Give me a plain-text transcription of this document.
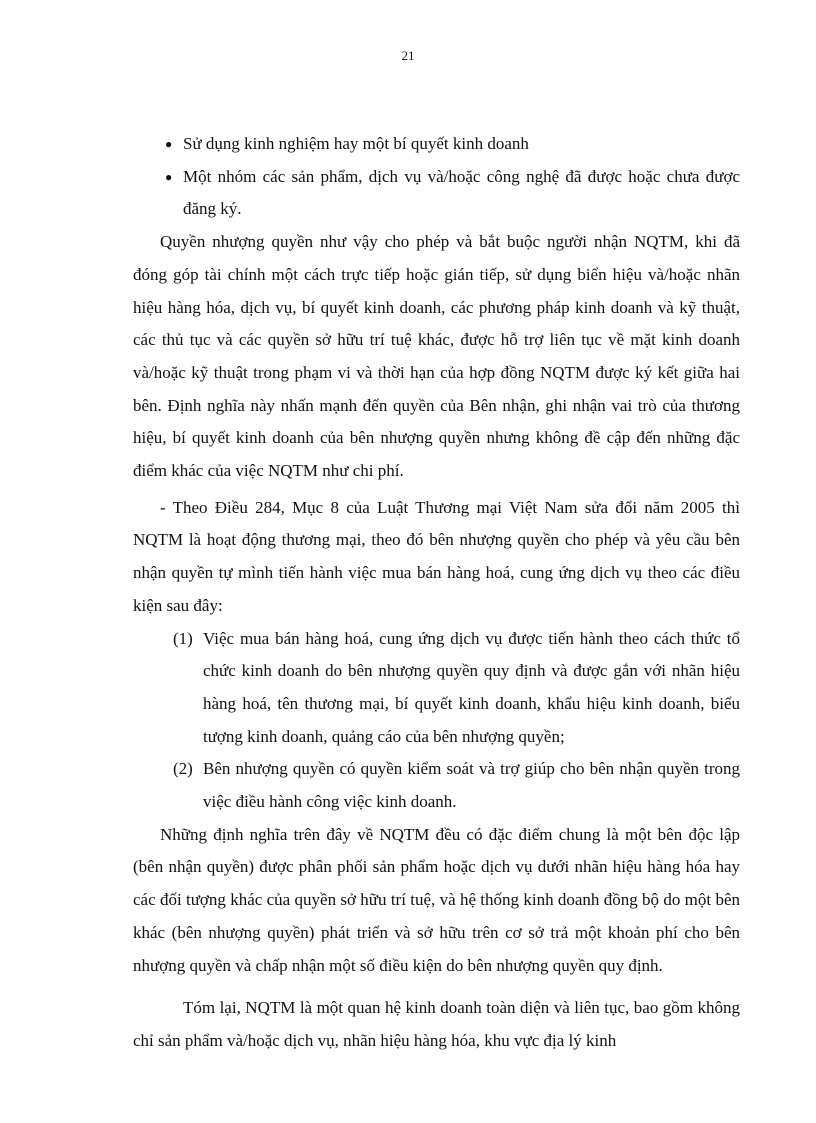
21
● Sử dụng kinh nghiệm hay một bí quyết kinh doanh
● Một nhóm các sản phẩm, dịch vụ và/hoặc công nghệ đã được hoặc chưa được đăng ký.

Quyền nhượng quyền như vậy cho phép và bắt buộc người nhận NQTM, khi đã đóng góp tài chính một cách trực tiếp hoặc gián tiếp, sử dụng biển hiệu và/hoặc nhãn hiệu hàng hóa, dịch vụ, bí quyết kinh doanh, các phương pháp kinh doanh và kỹ thuật, các thủ tục và các quyền sở hữu trí tuệ khác, được hỗ trợ liên tục về mặt kinh doanh và/hoặc kỹ thuật trong phạm vi và thời hạn của hợp đồng NQTM được ký kết giữa hai bên. Định nghĩa này nhấn mạnh đến quyền của Bên nhận, ghi nhận vai trò của thương hiệu, bí quyết kinh doanh của bên nhượng quyền nhưng không đề cập đến những đặc điểm khác của việc NQTM như chi phí.

- Theo Điều 284, Mục 8 của Luật Thương mại Việt Nam sửa đổi năm 2005 thì NQTM là hoạt động thương mại, theo đó bên nhượng quyền cho phép và yêu cầu bên nhận quyền tự mình tiến hành việc mua bán hàng hoá, cung ứng dịch vụ theo các điều kiện sau đây:

(1) Việc mua bán hàng hoá, cung ứng dịch vụ được tiến hành theo cách thức tổ chức kinh doanh do bên nhượng quyền quy định và được gắn với nhãn hiệu hàng hoá, tên thương mại, bí quyết kinh doanh, khẩu hiệu kinh doanh, biểu tượng kinh doanh, quảng cáo của bên nhượng quyền;
(2) Bên nhượng quyền có quyền kiểm soát và trợ giúp cho bên nhận quyền trong việc điều hành công việc kinh doanh.

Những định nghĩa trên đây về NQTM đều có đặc điểm chung là một bên độc lập (bên nhận quyền) được phân phối sản phẩm hoặc dịch vụ dưới nhãn hiệu hàng hóa hay các đối tượng khác của quyền sở hữu trí tuệ, và hệ thống kinh doanh đồng bộ do một bên khác (bên nhượng quyền) phát triển và sở hữu trên cơ sở trả một khoản phí cho bên nhượng quyền và chấp nhận một số điều kiện do bên nhượng quyền quy định.

Tóm lại, NQTM là một quan hệ kinh doanh toàn diện và liên tục, bao gồm không chỉ sản phẩm và/hoặc dịch vụ, nhãn hiệu hàng hóa, khu vực địa lý kinh
